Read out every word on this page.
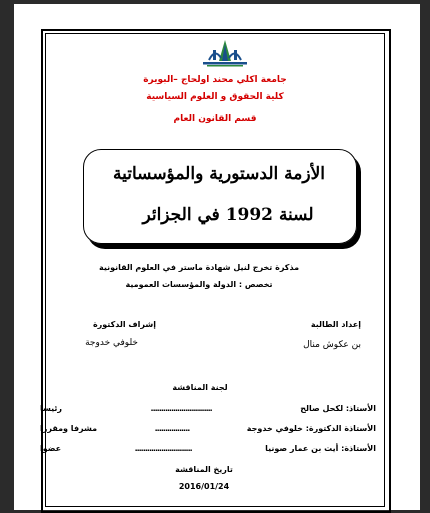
جامعة اكلي محند اولحاج –البويرة
كلية الحقوق و العلوم السياسية
قسم القانون العام
الأزمة الدستورية والمؤسساتية
لسنة 1992 في الجزائر
مذكرة تخرج لنيل شهادة ماستر في العلوم القانونية
تخصص : الدولة والمؤسسات العمومية
إعداد الطالبة
بن عكوش منال
إشراف الدكتورة
خلوفي خدوجة
لجنة المناقشة
الأستاذ: لكحل صالح
..............................
رئيسا
الأستاذة الدكتورة: خلوفي خدوجة
.................
مشرفا ومقررا
الأستاذة: أيت بن عمار صونيا
............................
عضوا
تاريخ المناقشة
2016/01/24
